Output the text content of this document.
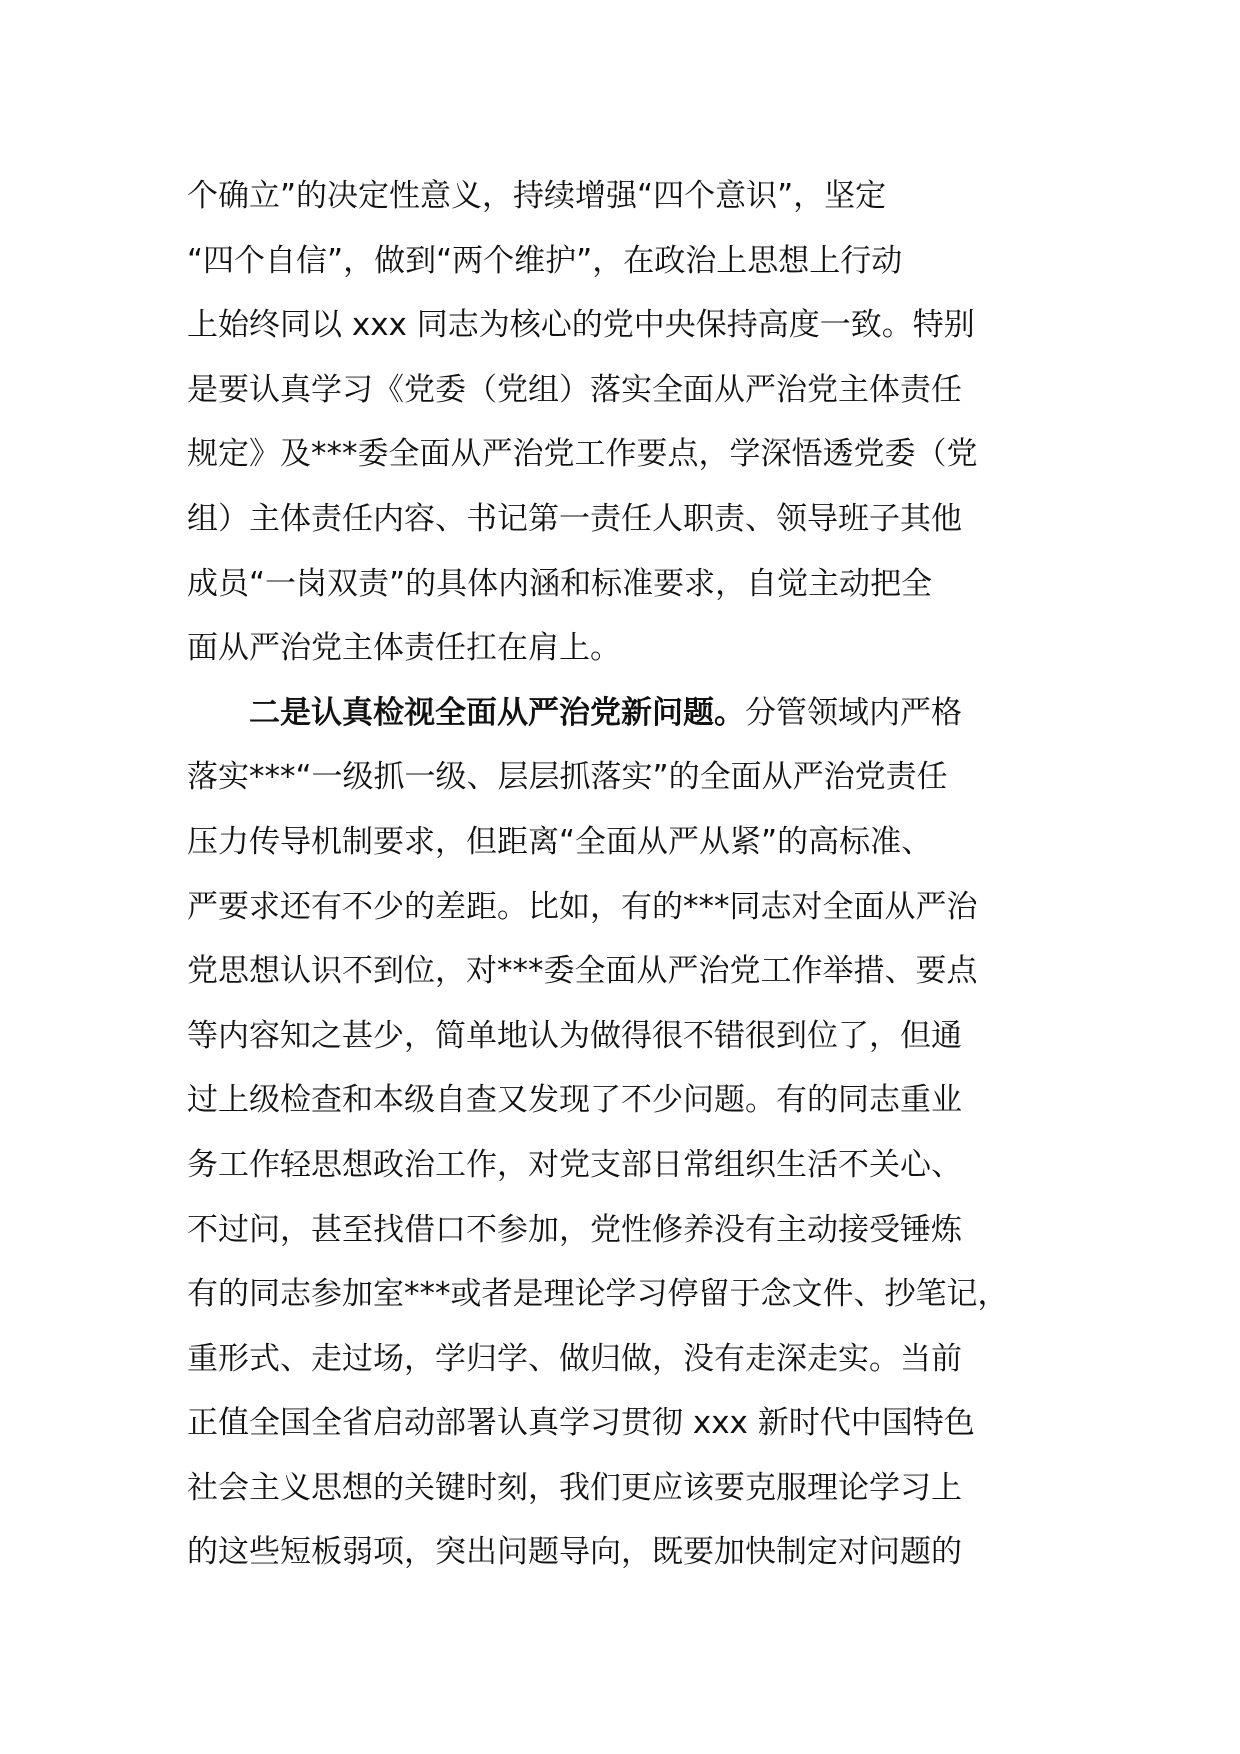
个确立”的决定性意义，持续增强“四个意识”，坚定
“四个自信”，做到“两个维护”，在政治上思想上行动
上始终同以 xxx 同志为核心的党中央保持高度一致。特别
是要认真学习《党委（党组）落实全面从严治党主体责任
规定》及***委全面从严治党工作要点，学深悟透党委（党
组）主体责任内容、书记第一责任人职责、领导班子其他
成员“一岗双责”的具体内涵和标准要求，自觉主动把全
面从严治党主体责任扛在肩上。
二是认真检视全面从严治党新问题。分管领域内严格
落实***“一级抓一级、层层抓落实”的全面从严治党责任
压力传导机制要求，但距离“全面从严从紧”的高标准、
严要求还有不少的差距。比如，有的***同志对全面从严治
党思想认识不到位，对***委全面从严治党工作举措、要点
等内容知之甚少，简单地认为做得很不错很到位了，但通
过上级检查和本级自查又发现了不少问题。有的同志重业
务工作轻思想政治工作，对党支部日常组织生活不关心、
不过问，甚至找借口不参加，党性修养没有主动接受锤炼
有的同志参加室***或者是理论学习停留于念文件、抄笔记，
重形式、走过场，学归学、做归做，没有走深走实。当前
正值全国全省启动部署认真学习贯彻 xxx 新时代中国特色
社会主义思想的关键时刻，我们更应该要克服理论学习上
的这些短板弱项，突出问题导向，既要加快制定对问题的
